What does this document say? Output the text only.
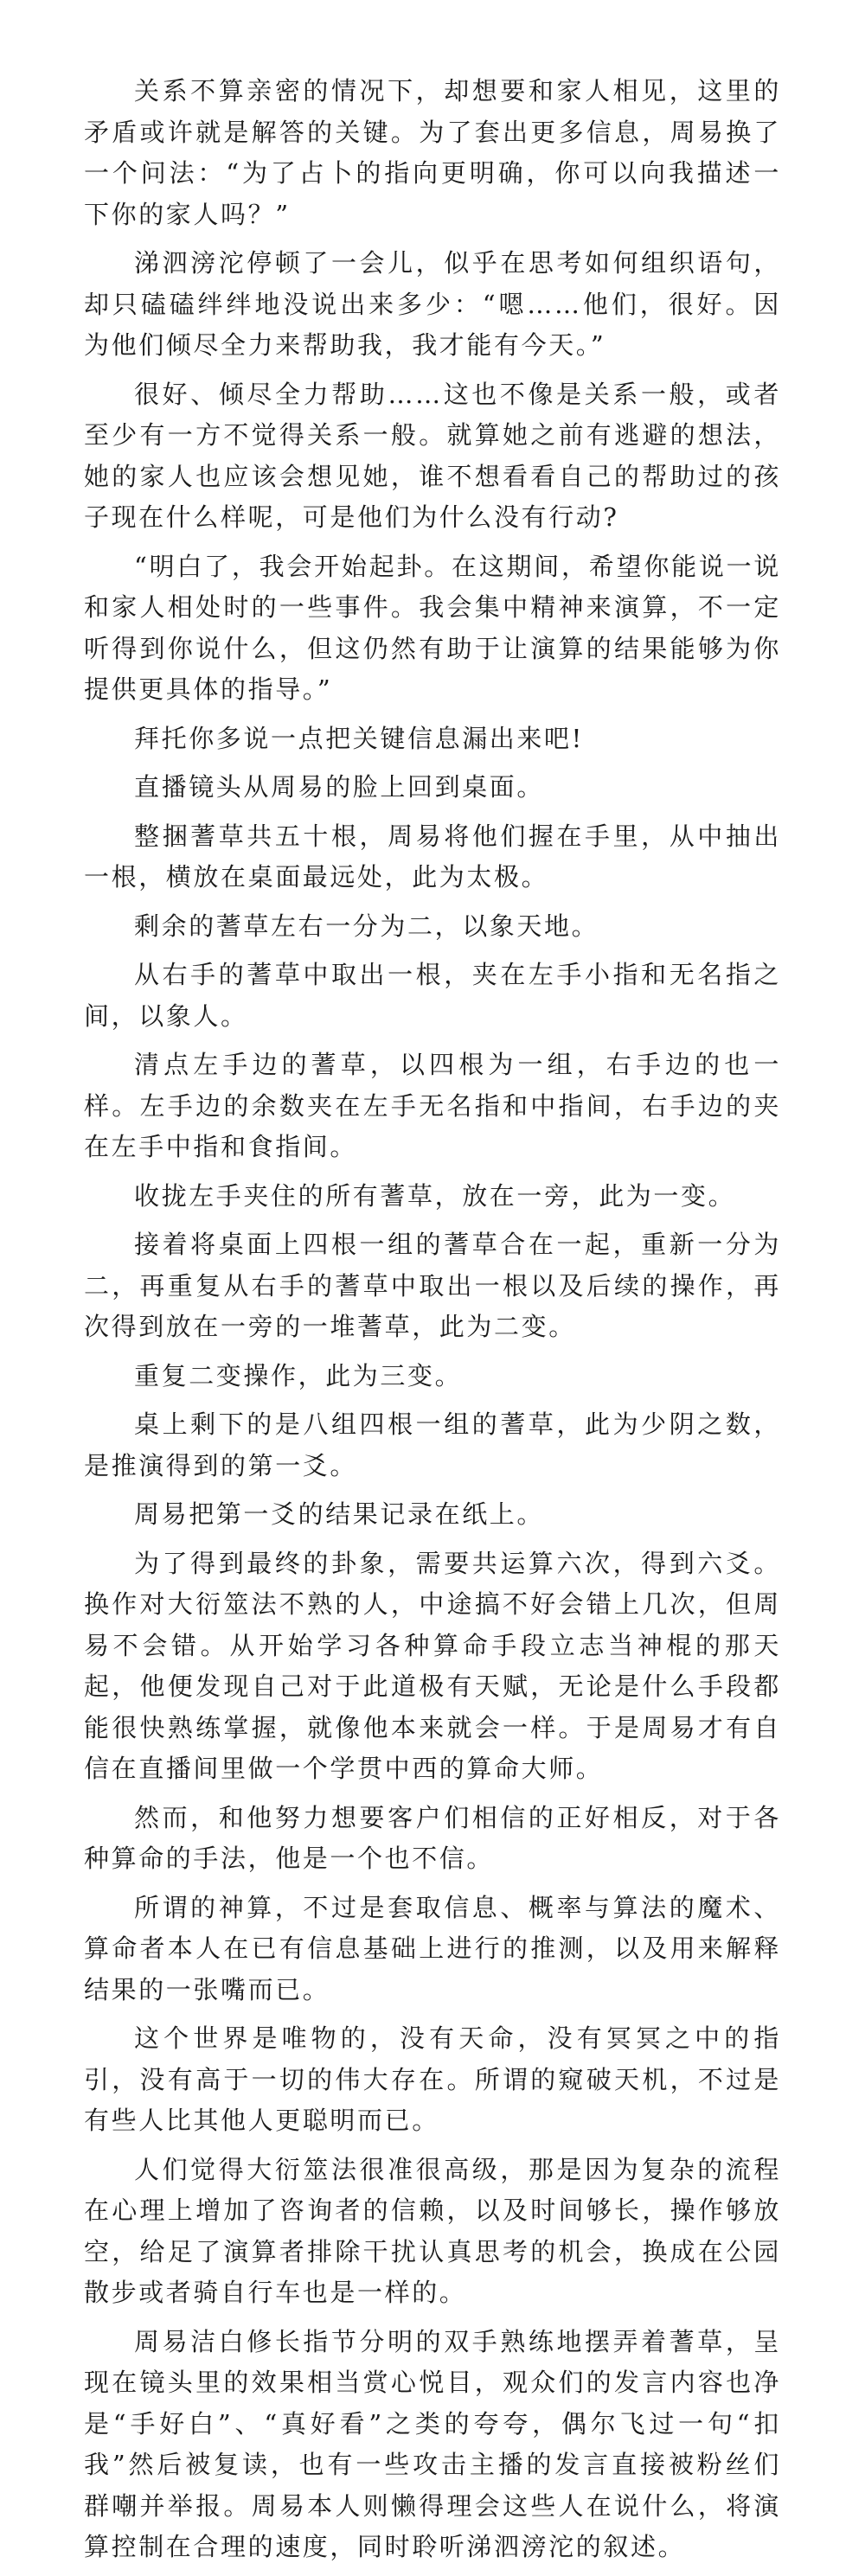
关系不算亲密的情况下，却想要和家人相见，这里的矛盾或许就是解答的关键。为了套出更多信息，周易换了一个问法：“为了占卜的指向更明确，你可以向我描述一下你的家人吗？”

涕泗滂沱停顿了一会儿，似乎在思考如何组织语句，却只磕磕绊绊地没说出来多少：“嗯……他们，很好。因为他们倾尽全力来帮助我，我才能有今天。”

很好、倾尽全力帮助……这也不像是关系一般，或者至少有一方不觉得关系一般。就算她之前有逃避的想法，她的家人也应该会想见她，谁不想看看自己的帮助过的孩子现在什么样呢，可是他们为什么没有行动?

“明白了，我会开始起卦。在这期间，希望你能说一说和家人相处时的一些事件。我会集中精神来演算，不一定听得到你说什么，但这仍然有助于让演算的结果能够为你提供更具体的指导。”

拜托你多说一点把关键信息漏出来吧!

直播镜头从周易的脸上回到桌面。

整捆蓍草共五十根，周易将他们握在手里，从中抽出一根，横放在桌面最远处，此为太极。

剩余的蓍草左右一分为二，以象天地。

从右手的蓍草中取出一根，夹在左手小指和无名指之间，以象人。

清点左手边的蓍草，以四根为一组，右手边的也一样。左手边的余数夹在左手无名指和中指间，右手边的夹在左手中指和食指间。

收拢左手夹住的所有蓍草，放在一旁，此为一变。

接着将桌面上四根一组的蓍草合在一起，重新一分为二，再重复从右手的蓍草中取出一根以及后续的操作，再次得到放在一旁的一堆蓍草，此为二变。

重复二变操作，此为三变。

桌上剩下的是八组四根一组的蓍草，此为少阴之数，是推演得到的第一爻。

周易把第一爻的结果记录在纸上。

为了得到最终的卦象，需要共运算六次，得到六爻。换作对大衍筮法不熟的人，中途搞不好会错上几次，但周易不会错。从开始学习各种算命手段立志当神棍的那天起，他便发现自己对于此道极有天赋，无论是什么手段都能很快熟练掌握，就像他本来就会一样。于是周易才有自信在直播间里做一个学贯中西的算命大师。

然而，和他努力想要客户们相信的正好相反，对于各种算命的手法，他是一个也不信。

所谓的神算，不过是套取信息、概率与算法的魔术、算命者本人在已有信息基础上进行的推测，以及用来解释结果的一张嘴而已。

这个世界是唯物的，没有天命，没有冥冥之中的指引，没有高于一切的伟大存在。所谓的窥破天机，不过是有些人比其他人更聪明而已。

人们觉得大衍筮法很准很高级，那是因为复杂的流程在心理上增加了咨询者的信赖，以及时间够长，操作够放空，给足了演算者排除干扰认真思考的机会，换成在公园散步或者骑自行车也是一样的。

周易洁白修长指节分明的双手熟练地摆弄着蓍草，呈现在镜头里的效果相当赏心悦目，观众们的发言内容也净是“手好白”、“真好看”之类的夸夸，偶尔飞过一句“扣我”然后被复读，也有一些攻击主播的发言直接被粉丝们群嘲并举报。周易本人则懒得理会这些人在说什么，将演算控制在合理的速度，同时聆听涕泗滂沱的叙述。
